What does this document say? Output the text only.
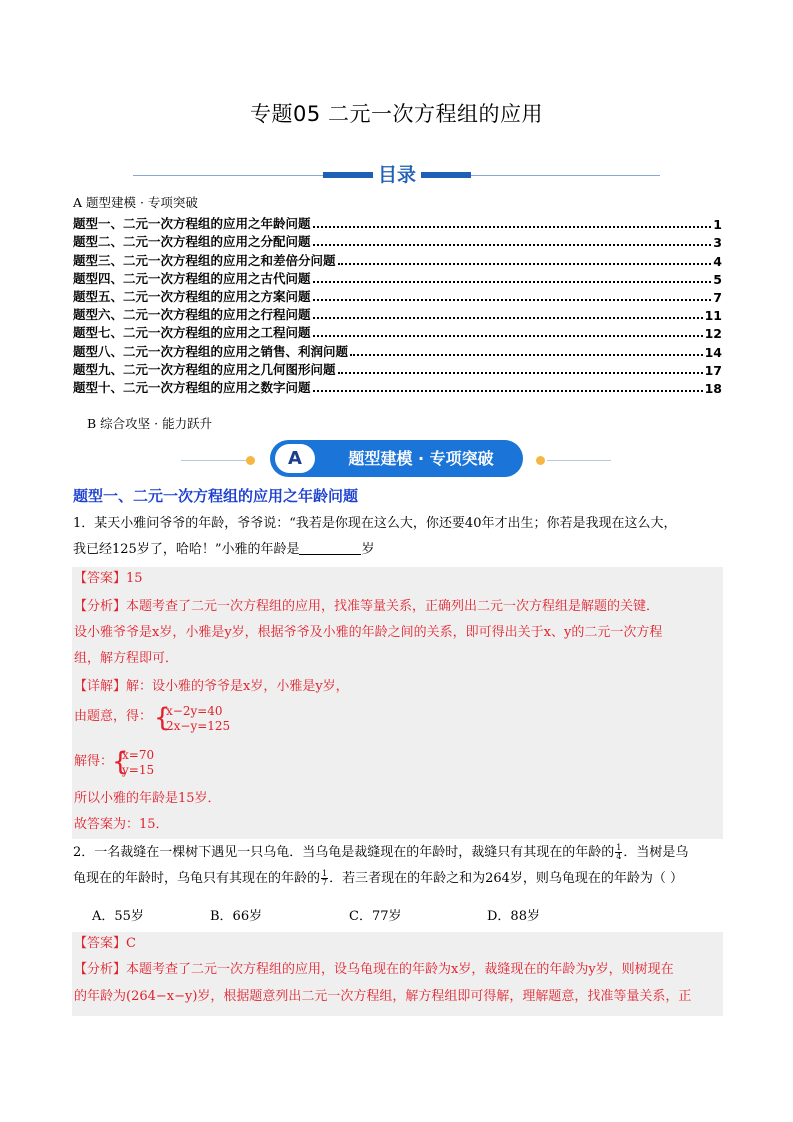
专题05 二元一次方程组的应用
目录
A 题型建模 · 专项突破
题型一、二元一次方程组的应用之年龄问题	1
题型二、二元一次方程组的应用之分配问题	3
题型三、二元一次方程组的应用之和差倍分问题	4
题型四、二元一次方程组的应用之古代问题	5
题型五、二元一次方程组的应用之方案问题	7
题型六、二元一次方程组的应用之行程问题	11
题型七、二元一次方程组的应用之工程问题	12
题型八、二元一次方程组的应用之销售、利润问题	14
题型九、二元一次方程组的应用之几何图形问题	17
题型十、二元一次方程组的应用之数字问题	18
B 综合攻坚 · 能力跃升
A	题型建模 · 专项突破
题型一、二元一次方程组的应用之年龄问题
1．某天小雅问爷爷的年龄，爷爷说：“我若是你现在这么大，你还要40年才出生；你若是我现在这么大，
我已经125岁了，哈哈！”小雅的年龄是	岁
【答案】15
【分析】本题考查了二元一次方程组的应用，找准等量关系，正确列出二元一次方程组是解题的关键．
设小雅爷爷是x岁，小雅是y岁，根据爷爷及小雅的年龄之间的关系，即可得出关于x、y的二元一次方程
组，解方程即可．
【详解】解：设小雅的爷爷是x岁，小雅是y岁，
由题意，得： {
x−2y=40
2x−y=125
解得：
{
x=70
y=15
所以小雅的年龄是15岁．
故答案为：15．
2．一名裁缝在一棵树下遇见一只乌龟．当乌龟是裁缝现在的年龄时，裁缝只有其现在的年龄的 $\frac{1}{4}$ ．当树是乌
龟现在的年龄时，乌龟只有其现在的年龄的 $\frac{1}{7}$ ．若三者现在的年龄之和为264岁，则乌龟现在的年龄为（ ）
A．55岁	B．66岁	C．77岁	D．88岁
【答案】C
【分析】本题考查了二元一次方程组的应用，设乌龟现在的年龄为x岁，裁缝现在的年龄为y岁，则树现在
的年龄为(264−x−y)岁，根据题意列出二元一次方程组，解方程组即可得解，理解题意，找准等量关系，正
